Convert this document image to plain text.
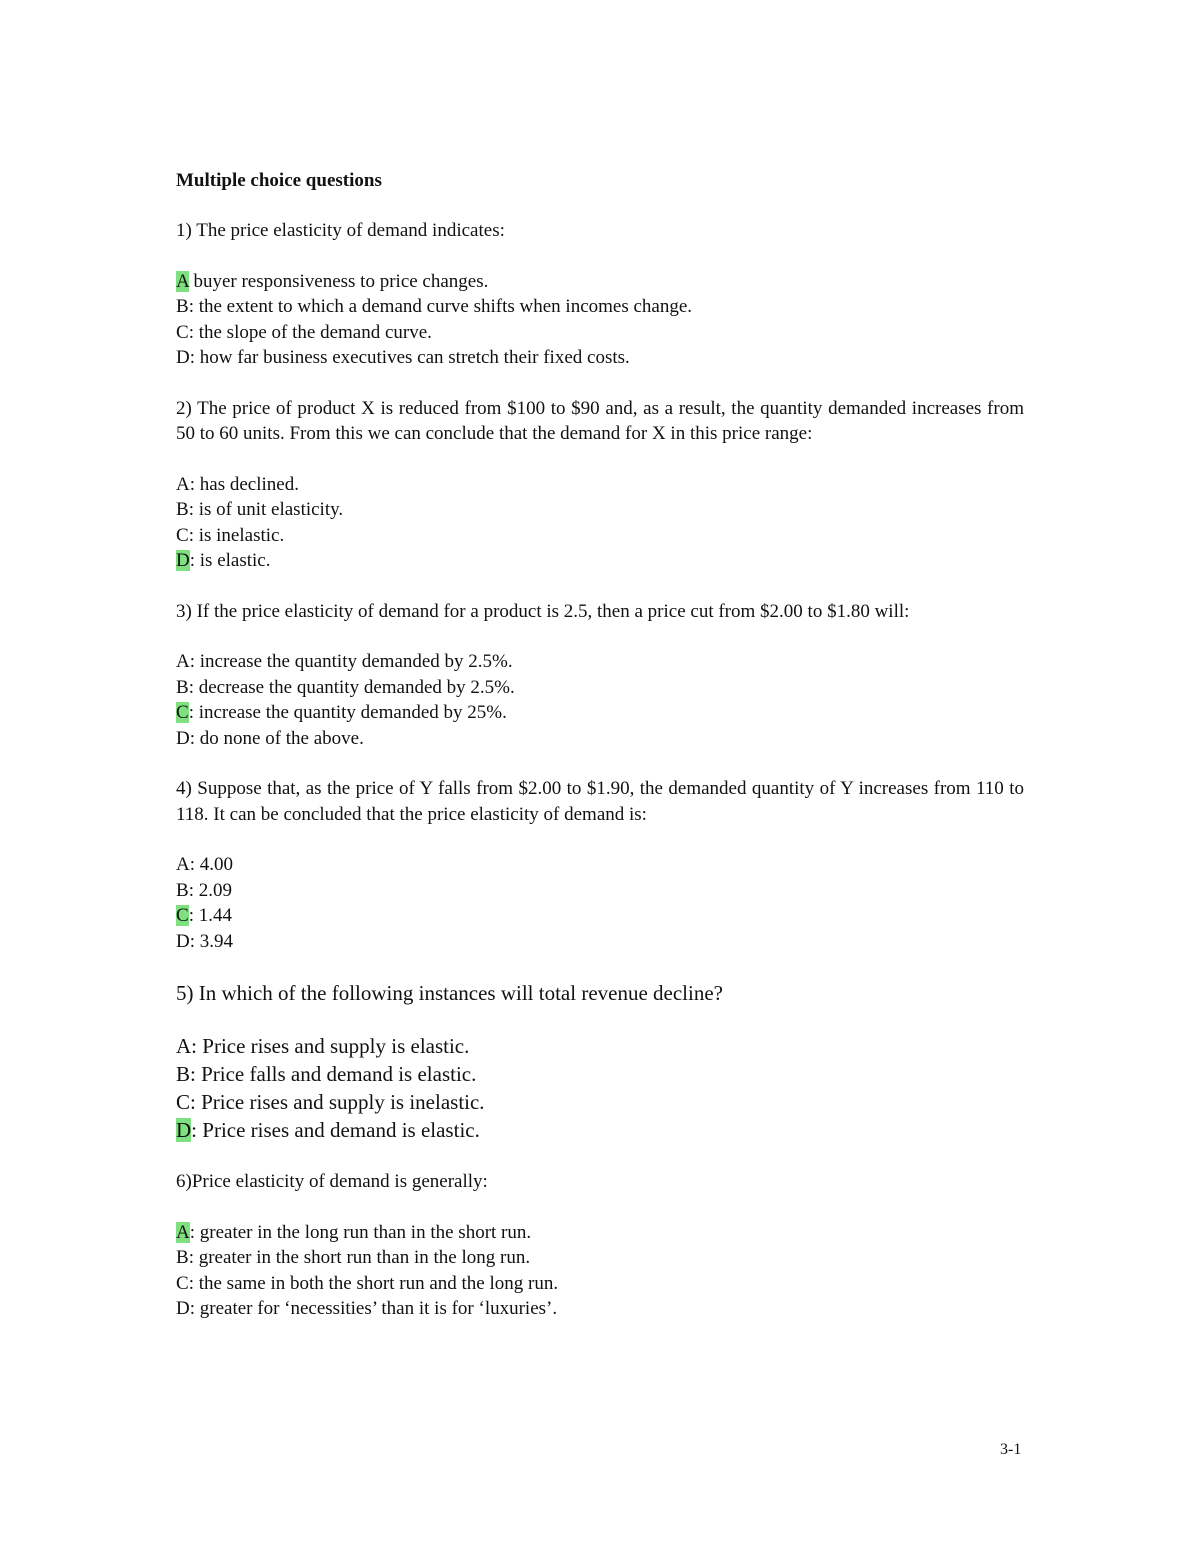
Multiple choice questions
1) The price elasticity of demand indicates:
A buyer responsiveness to price changes.
B: the extent to which a demand curve shifts when incomes change.
C: the slope of the demand curve.
D: how far business executives can stretch their fixed costs.
2) The price of product X is reduced from $100 to $90 and, as a result, the quantity demanded increases from 50 to 60 units. From this we can conclude that the demand for X in this price range:
A: has declined.
B: is of unit elasticity.
C: is inelastic.
D: is elastic.
3) If the price elasticity of demand for a product is 2.5, then a price cut from $2.00 to $1.80 will:
A: increase the quantity demanded by 2.5%.
B: decrease the quantity demanded by 2.5%.
C: increase the quantity demanded by 25%.
D: do none of the above.
4) Suppose that, as the price of Y falls from $2.00 to $1.90, the demanded quantity of Y increases from 110 to 118. It can be concluded that the price elasticity of demand is:
A: 4.00
B: 2.09
C: 1.44
D: 3.94
5) In which of the following instances will total revenue decline?
A: Price rises and supply is elastic.
B: Price falls and demand is elastic.
C: Price rises and supply is inelastic.
D: Price rises and demand is elastic.
6)Price elasticity of demand is generally:
A: greater in the long run than in the short run.
B: greater in the short run than in the long run.
C: the same in both the short run and the long run.
D: greater for ‘necessities’ than it is for ‘luxuries’.
3-1
